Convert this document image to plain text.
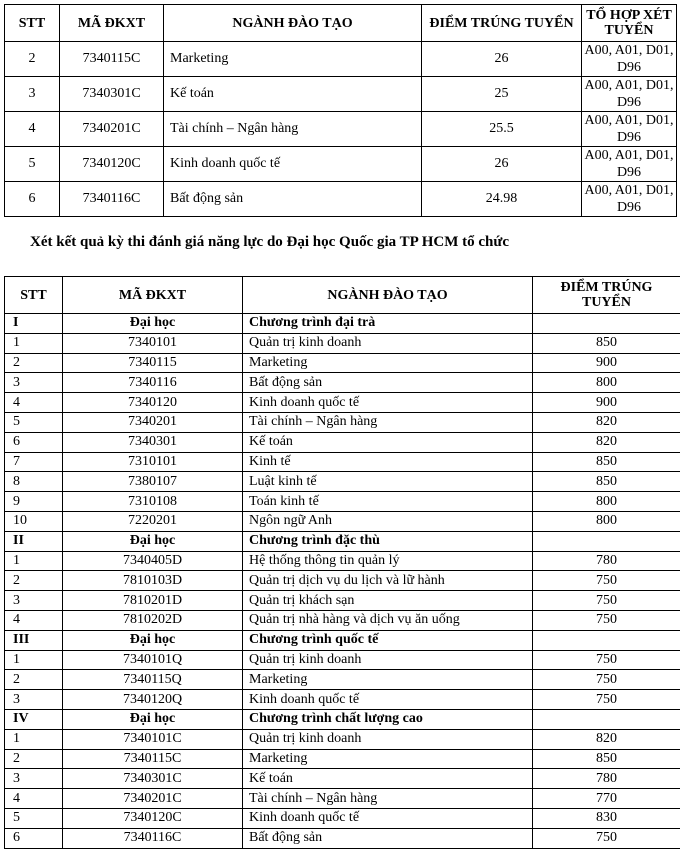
STT	MÃ ĐKXT	NGÀNH ĐÀO TẠO	ĐIỂM TRÚNG TUYỂN	TỔ HỢP XÉT TUYỂN
2	7340115C	Marketing	26	A00, A01, D01, D96
3	7340301C	Kế toán	25	A00, A01, D01, D96
4	7340201C	Tài chính – Ngân hàng	25.5	A00, A01, D01, D96
5	7340120C	Kinh doanh quốc tế	26	A00, A01, D01, D96
6	7340116C	Bất động sản	24.98	A00, A01, D01, D96
Xét kết quả kỳ thi đánh giá năng lực do Đại học Quốc gia TP HCM tổ chức
STT	MÃ ĐKXT	NGÀNH ĐÀO TẠO	ĐIỂM TRÚNG TUYỂN
I	Đại học	Chương trình đại trà	
1	7340101	Quản trị kinh doanh	850
2	7340115	Marketing	900
3	7340116	Bất động sản	800
4	7340120	Kinh doanh quốc tế	900
5	7340201	Tài chính – Ngân hàng	820
6	7340301	Kế toán	820
7	7310101	Kinh tế	850
8	7380107	Luật kinh tế	850
9	7310108	Toán kinh tế	800
10	7220201	Ngôn ngữ Anh	800
II	Đại học	Chương trình đặc thù	
1	7340405D	Hệ thống thông tin quản lý	780
2	7810103D	Quản trị dịch vụ du lịch và lữ hành	750
3	7810201D	Quản trị khách sạn	750
4	7810202D	Quản trị nhà hàng và dịch vụ ăn uống	750
III	Đại học	Chương trình quốc tế	
1	7340101Q	Quản trị kinh doanh	750
2	7340115Q	Marketing	750
3	7340120Q	Kinh doanh quốc tế	750
IV	Đại học	Chương trình chất lượng cao	
1	7340101C	Quản trị kinh doanh	820
2	7340115C	Marketing	850
3	7340301C	Kế toán	780
4	7340201C	Tài chính – Ngân hàng	770
5	7340120C	Kinh doanh quốc tế	830
6	7340116C	Bất động sản	750
